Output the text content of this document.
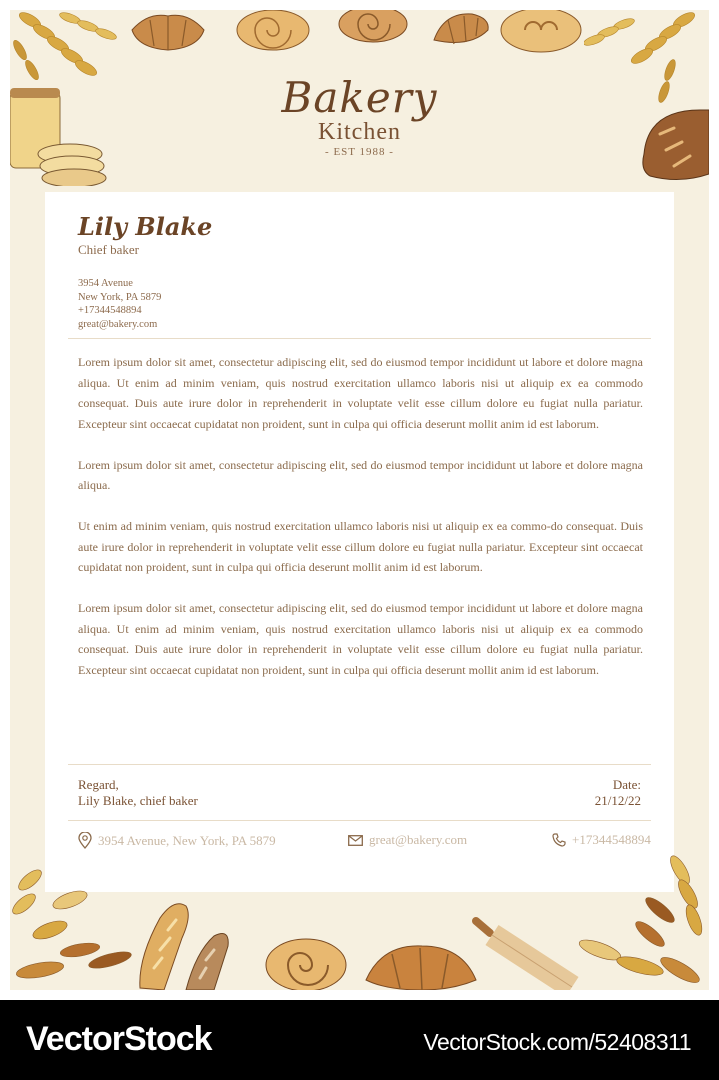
Bakery
Kitchen
- EST 1988 -
Lily Blake
Chief baker
3954 Avenue
New York, PA 5879
+17344548894
great@bakery.com

Lorem ipsum dolor sit amet, consectetur adipiscing elit, sed do eiusmod tempor incididunt ut labore et dolore magna aliqua. Ut enim ad minim veniam, quis nostrud exercitation ullamco laboris nisi ut aliquip ex ea commodo consequat. Duis aute irure dolor in reprehenderit in voluptate velit esse cillum dolore eu fugiat nulla pariatur. Excepteur sint occaecat cupidatat non proident, sunt in culpa qui officia deserunt mollit anim id est laborum.

Lorem ipsum dolor sit amet, consectetur adipiscing elit, sed do eiusmod tempor incididunt ut labore et dolore magna aliqua.

Ut enim ad minim veniam, quis nostrud exercitation ullamco laboris nisi ut aliquip ex ea commo-do consequat. Duis aute irure dolor in reprehenderit in voluptate velit esse cillum dolore eu fugiat nulla pariatur. Excepteur sint occaecat cupidatat non proident, sunt in culpa qui officia deserunt mollit anim id est laborum.

Lorem ipsum dolor sit amet, consectetur adipiscing elit, sed do eiusmod tempor incididunt ut labore et dolore magna aliqua. Ut enim ad minim veniam, quis nostrud exercitation ullamco laboris nisi ut aliquip ex ea commodo consequat. Duis aute irure dolor in reprehenderit in voluptate velit esse cillum dolore eu fugiat nulla pariatur. Excepteur sint occaecat cupidatat non proident, sunt in culpa qui officia deserunt mollit anim id est laborum.

Regard,
Lily Blake, chief baker
Date:
21/12/22
3954 Avenue, New York, PA 5879	great@bakery.com	+17344548894
VectorStock	VectorStock.com/52408311
